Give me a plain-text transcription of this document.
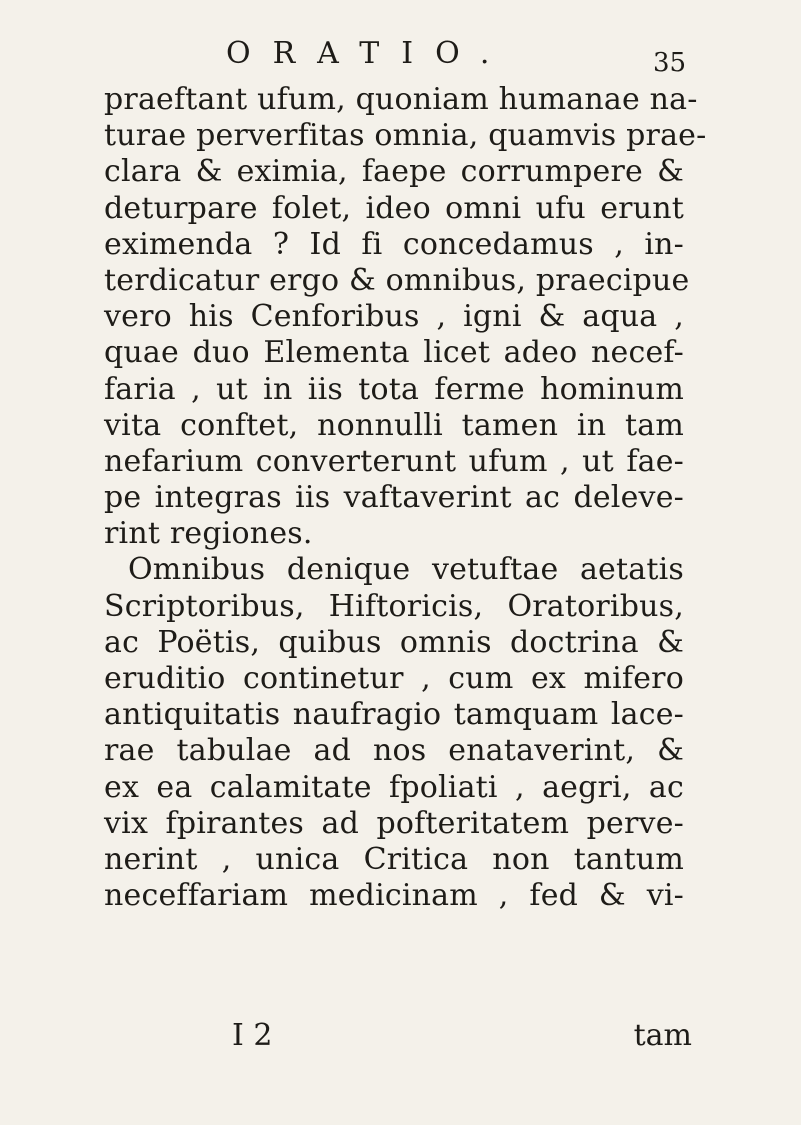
ORATIO.	35
praeftant ufum, quoniam humanae na-
turae perverfitas omnia, quamvis prae-
clara & eximia, faepe corrumpere &
deturpare folet, ideo omni ufu erunt
eximenda ? Id fi concedamus , in-
terdicatur ergo & omnibus, praecipue
vero his Cenforibus , igni & aqua ,
quae duo Elementa licet adeo necef-
faria , ut in iis tota ferme hominum
vita conftet, nonnulli tamen in tam
nefarium converterunt ufum , ut fae-
pe integras iis vaftaverint ac deleve-
rint regiones.
Omnibus denique vetuftae aetatis
Scriptoribus, Hiftoricis, Oratoribus,
ac Poëtis, quibus omnis doctrina &
eruditio continetur , cum ex mifero
antiquitatis naufragio tamquam lace-
rae tabulae ad nos enataverint, &
ex ea calamitate fpoliati , aegri, ac
vix fpirantes ad pofteritatem perve-
nerint , unica Critica non tantum
neceffariam medicinam , fed & vi-
I 2	tam
